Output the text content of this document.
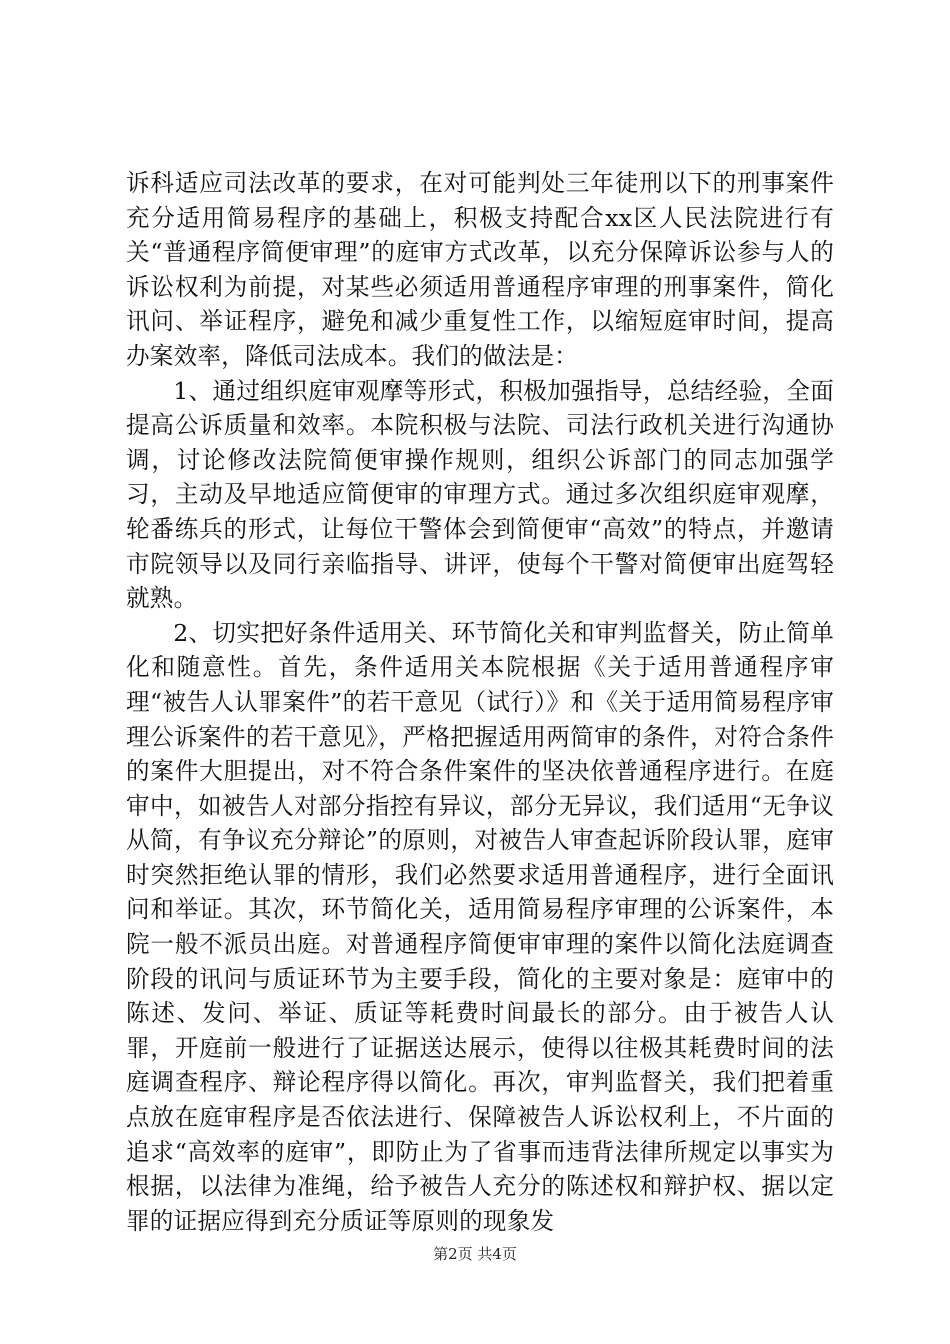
诉科适应司法改革的要求，在对可能判处三年徒刑以下的刑事案件充分适用简易程序的基础上，积极支持配合xx区人民法院进行有关“普通程序简便审理”的庭审方式改革，以充分保障诉讼参与人的诉讼权利为前提，对某些必须适用普通程序审理的刑事案件，简化讯问、举证程序，避免和减少重复性工作，以缩短庭审时间，提高办案效率，降低司法成本。我们的做法是：

1、通过组织庭审观摩等形式，积极加强指导，总结经验，全面提高公诉质量和效率。本院积极与法院、司法行政机关进行沟通协调，讨论修改法院简便审操作规则，组织公诉部门的同志加强学习，主动及早地适应简便审的审理方式。通过多次组织庭审观摩，轮番练兵的形式，让每位干警体会到简便审“高效”的特点，并邀请市院领导以及同行亲临指导、讲评，使每个干警对简便审出庭驾轻就熟。

2、切实把好条件适用关、环节简化关和审判监督关，防止简单化和随意性。首先，条件适用关本院根据《关于适用普通程序审理“被告人认罪案件”的若干意见（试行）》和《关于适用简易程序审理公诉案件的若干意见》，严格把握适用两简审的条件，对符合条件的案件大胆提出，对不符合条件案件的坚决依普通程序进行。在庭审中，如被告人对部分指控有异议，部分无异议，我们适用“无争议从简，有争议充分辩论”的原则，对被告人审查起诉阶段认罪，庭审时突然拒绝认罪的情形，我们必然要求适用普通程序，进行全面讯问和举证。其次，环节简化关，适用简易程序审理的公诉案件，本院一般不派员出庭。对普通程序简便审审理的案件以简化法庭调查阶段的讯问与质证环节为主要手段，简化的主要对象是：庭审中的陈述、发问、举证、质证等耗费时间最长的部分。由于被告人认罪，开庭前一般进行了证据送达展示，使得以往极其耗费时间的法庭调查程序、辩论程序得以简化。再次，审判监督关，我们把着重点放在庭审程序是否依法进行、保障被告人诉讼权利上，不片面的追求“高效率的庭审”，即防止为了省事而违背法律所规定以事实为根据，以法律为准绳，给予被告人充分的陈述权和辩护权、据以定罪的证据应得到充分质证等原则的现象发

第2页 共4页
